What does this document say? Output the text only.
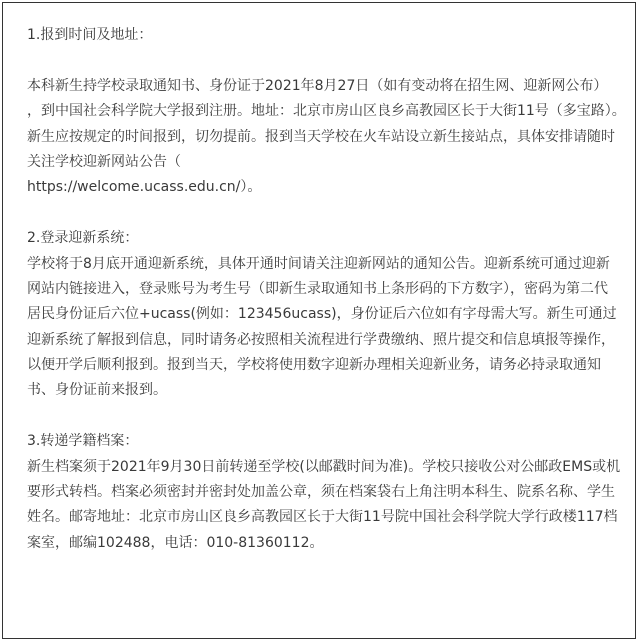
1.报到时间及地址：
本科新生持学校录取通知书、身份证于2021年8月27日（如有变动将在招生网、迎新网公布）
，到中国社会科学院大学报到注册。地址：北京市房山区良乡高教园区长于大街11号（多宝路）。
新生应按规定的时间报到，切勿提前。报到当天学校在火车站设立新生接站点，具体安排请随时
关注学校迎新网站公告（
https://welcome.ucass.edu.cn/）。
2.登录迎新系统：
学校将于8月底开通迎新系统，具体开通时间请关注迎新网站的通知公告。迎新系统可通过迎新
网站内链接进入，登录账号为考生号（即新生录取通知书上条形码的下方数字），密码为第二代
居民身份证后六位+ucass(例如：123456ucass)，身份证后六位如有字母需大写。新生可通过
迎新系统了解报到信息，同时请务必按照相关流程进行学费缴纳、照片提交和信息填报等操作，
以便开学后顺利报到。报到当天，学校将使用数字迎新办理相关迎新业务，请务必持录取通知
书、身份证前来报到。
3.转递学籍档案：
新生档案须于2021年9月30日前转递至学校(以邮戳时间为准)。学校只接收公对公邮政EMS或机
要形式转档。档案必须密封并密封处加盖公章，须在档案袋右上角注明本科生、院系名称、学生
姓名。邮寄地址：北京市房山区良乡高教园区长于大街11号院中国社会科学院大学行政楼117档
案室，邮编102488，电话：010-81360112。
